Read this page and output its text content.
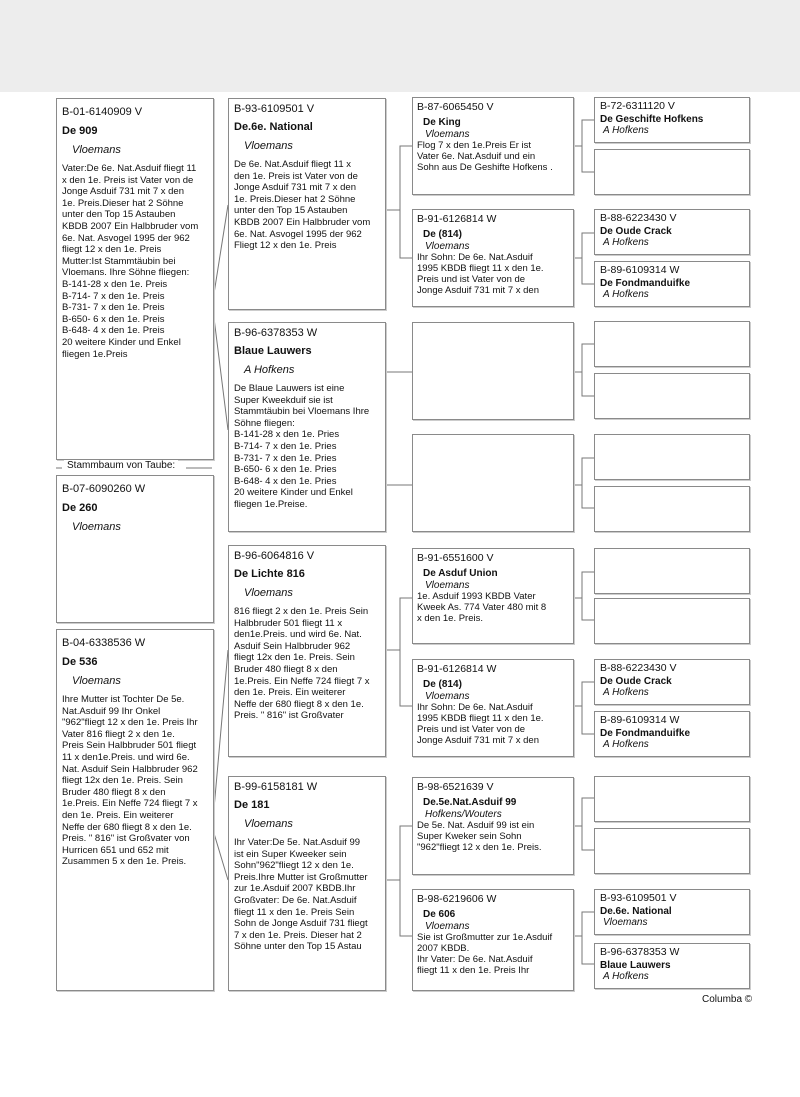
B-01-6140909 V
De 909
Vloemans
Vater:De 6e. Nat.Asduif fliegt 11
x den 1e. Preis ist Vater von de
Jonge Asduif 731 mit 7 x den
1e. Preis.Dieser hat 2 Söhne
unter den Top 15 Astauben
KBDB 2007 Ein Halbbruder vom
6e. Nat. Asvogel 1995 der 962
fliegt 12 x den 1e. Preis
Mutter:Ist Stammtäubin bei
Vloemans. Ihre Söhne fliegen:
B-141-28 x den 1e. Preis
B-714- 7 x den 1e. Preis
B-731- 7 x den 1e. Preis
B-650- 6 x den 1e. Preis
B-648- 4 x den 1e. Preis
20 weitere Kinder und Enkel
fliegen 1e.Preis
Stammbaum von Taube:
B-07-6090260 W
De 260
Vloemans
B-04-6338536 W
De 536
Vloemans
Ihre Mutter ist Tochter De 5e.
Nat.Asduif 99 Ihr Onkel
"962"fliegt 12 x den 1e. Preis Ihr
Vater 816 fliegt 2 x den 1e.
Preis Sein Halbbruder 501 fliegt
11 x den1e.Preis. und wird 6e.
Nat. Asduif Sein Halbbruder 962
fliegt 12x den 1e. Preis. Sein
Bruder 480 fliegt 8 x den
1e.Preis. Ein Neffe 724 fliegt 7 x
den 1e. Preis. Ein weiterer
Neffe der 680 fliegt 8 x den 1e.
Preis. " 816" ist Großvater von
Hurricen 651 und 652 mit
Zusammen 5 x den 1e. Preis.
B-93-6109501 V
De.6e. National
Vloemans
De 6e. Nat.Asduif fliegt 11 x
den 1e. Preis ist Vater von de
Jonge Asduif 731 mit 7 x den
1e. Preis.Dieser hat 2 Söhne
unter den Top 15 Astauben
KBDB 2007 Ein Halbbruder vom
6e. Nat. Asvogel 1995 der 962
Fliegt 12 x den 1e. Preis
B-96-6378353 W
Blaue Lauwers
A Hofkens
De Blaue Lauwers ist eine
Super Kweekduif sie ist
Stammtäubin bei Vloemans Ihre
Söhne fliegen:
B-141-28 x den 1e. Pries
B-714- 7 x den 1e. Pries
B-731- 7 x den 1e. Pries
B-650- 6 x den 1e. Pries
B-648- 4 x den 1e. Pries
20 weitere Kinder und Enkel
fliegen 1e.Preise.
B-96-6064816 V
De Lichte 816
Vloemans
816 fliegt 2 x den 1e. Preis Sein
Halbbruder 501 fliegt 11 x
den1e.Preis. und wird 6e. Nat.
Asduif Sein Halbbruder 962
fliegt 12x den 1e. Preis. Sein
Bruder 480 fliegt 8 x den
1e.Preis. Ein Neffe 724 fliegt 7 x
den 1e. Preis. Ein weiterer
Neffe der 680 fliegt 8 x den 1e.
Preis. " 816" ist Großvater
B-99-6158181 W
De 181
Vloemans
Ihr Vater:De 5e. Nat.Asduif 99
ist ein Super Kweeker sein
Sohn"962"fliegt 12 x den 1e.
Preis.Ihre Mutter ist Großmutter
zur 1e.Asduif 2007 KBDB.Ihr
Großvater: De 6e. Nat.Asduif
fliegt 11 x den 1e. Preis Sein
Sohn de Jonge Asduif 731 fliegt
7 x den 1e. Preis. Dieser hat 2
Söhne unter den Top 15 Astau
B-87-6065450 V
De King
Vloemans
Flog 7 x den 1e.Preis Er ist
Vater 6e. Nat.Asduif und ein
Sohn aus De Geshifte Hofkens .
B-91-6126814 W
De (814)
Vloemans
Ihr Sohn: De 6e. Nat.Asduif
1995 KBDB fliegt 11 x den 1e.
Preis und ist Vater von de
Jonge Asduif 731 mit 7 x den
B-91-6551600 V
De Asduf Union
Vloemans
1e. Asduif 1993 KBDB Vater
Kweek As. 774 Vater 480 mit 8
x den 1e. Preis.
B-91-6126814 W
De (814)
Vloemans
Ihr Sohn: De 6e. Nat.Asduif
1995 KBDB fliegt 11 x den 1e.
Preis und ist Vater von de
Jonge Asduif 731 mit 7 x den
B-98-6521639 V
De.5e.Nat.Asduif 99
Hofkens/Wouters
De 5e. Nat. Asduif 99 ist ein
Super Kweker sein Sohn
"962"fliegt 12 x den 1e. Preis.
B-98-6219606 W
De 606
Vloemans
Sie ist Großmutter zur 1e.Asduif
2007 KBDB.
Ihr Vater: De 6e. Nat.Asduif
fliegt 11 x den 1e. Preis Ihr
B-72-6311120 V
De Geschifte Hofkens
A Hofkens
B-88-6223430 V
De Oude Crack
A Hofkens
B-89-6109314 W
De Fondmanduifke
A Hofkens
B-88-6223430 V
De Oude Crack
A Hofkens
B-89-6109314 W
De Fondmanduifke
A Hofkens
B-93-6109501 V
De.6e. National
Vloemans
B-96-6378353 W
Blaue Lauwers
A Hofkens
Columba ©
